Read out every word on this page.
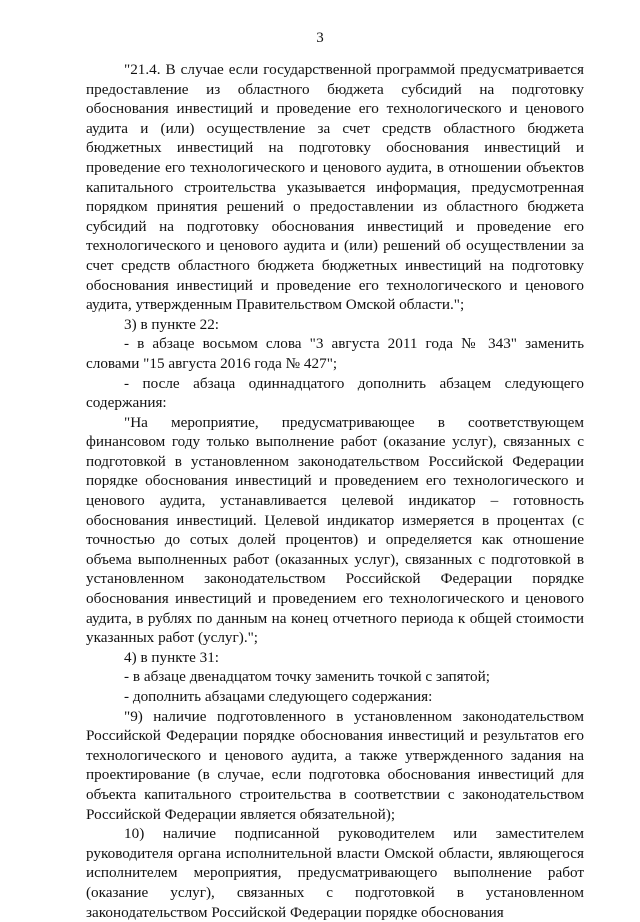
3

"21.4. В случае если государственной программой предусматривается предоставление из областного бюджета субсидий на подготовку обоснования инвестиций и проведение его технологического и ценового аудита и (или) осуществление за счет средств областного бюджета бюджетных инвестиций на подготовку обоснования инвестиций и проведение его технологического и ценового аудита, в отношении объектов капитального строительства указывается информация, предусмотренная порядком принятия решений о предоставлении из областного бюджета субсидий на подготовку обоснования инвестиций и проведение его технологического и ценового аудита и (или) решений об осуществлении за счет средств областного бюджета бюджетных инвестиций на подготовку обоснования инвестиций и проведение его технологического и ценового аудита, утвержденным Правительством Омской области.";

3) в пункте 22:

- в абзаце восьмом слова "3 августа 2011 года № 343" заменить словами "15 августа 2016 года № 427";

- после абзаца одиннадцатого дополнить абзацем следующего содержания:

"На мероприятие, предусматривающее в соответствующем финансовом году только выполнение работ (оказание услуг), связанных с подготовкой в установленном законодательством Российской Федерации порядке обоснования инвестиций и проведением его технологического и ценового аудита, устанавливается целевой индикатор – готовность обоснования инвестиций. Целевой индикатор измеряется в процентах (с точностью до сотых долей процентов) и определяется как отношение объема выполненных работ (оказанных услуг), связанных с подготовкой в установленном законодательством Российской Федерации порядке обоснования инвестиций и проведением его технологического и ценового аудита, в рублях по данным на конец отчетного периода к общей стоимости указанных работ (услуг).";

4) в пункте 31:

- в абзаце двенадцатом точку заменить точкой с запятой;

- дополнить абзацами следующего содержания:

"9) наличие подготовленного в установленном законодательством Российской Федерации порядке обоснования инвестиций и результатов его технологического и ценового аудита, а также утвержденного задания на проектирование (в случае, если подготовка обоснования инвестиций для объекта капитального строительства в соответствии с законодательством Российской Федерации является обязательной);

10) наличие подписанной руководителем или заместителем руководителя органа исполнительной власти Омской области, являющегося исполнителем мероприятия, предусматривающего выполнение работ (оказание услуг), связанных с подготовкой в установленном законодательством Российской Федерации порядке обоснования
